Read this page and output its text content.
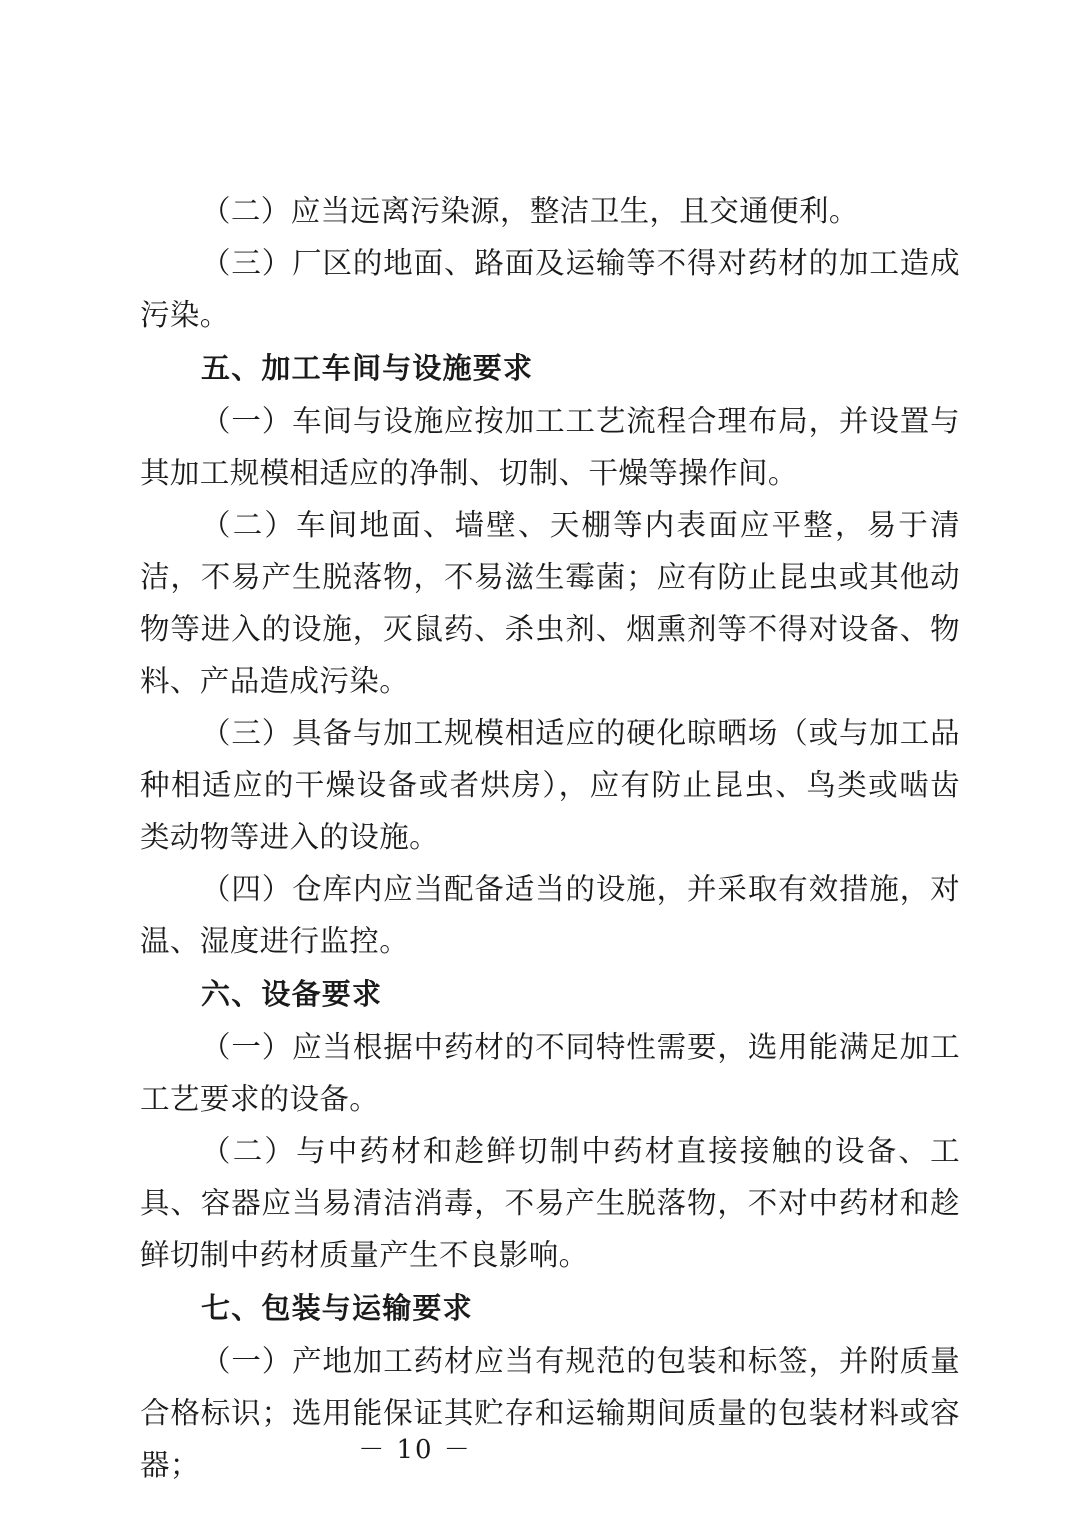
（二）应当远离污染源，整洁卫生，且交通便利。

（三）厂区的地面、路面及运输等不得对药材的加工造成污染。

五、加工车间与设施要求

（一）车间与设施应按加工工艺流程合理布局，并设置与其加工规模相适应的净制、切制、干燥等操作间。

（二）车间地面、墙壁、天棚等内表面应平整，易于清洁，不易产生脱落物，不易滋生霉菌；应有防止昆虫或其他动物等进入的设施，灭鼠药、杀虫剂、烟熏剂等不得对设备、物料、产品造成污染。

（三）具备与加工规模相适应的硬化晾晒场（或与加工品种相适应的干燥设备或者烘房），应有防止昆虫、鸟类或啮齿类动物等进入的设施。

（四）仓库内应当配备适当的设施，并采取有效措施，对温、湿度进行监控。

六、设备要求

（一）应当根据中药材的不同特性需要，选用能满足加工工艺要求的设备。

（二）与中药材和趁鲜切制中药材直接接触的设备、工具、容器应当易清洁消毒，不易产生脱落物，不对中药材和趁鲜切制中药材质量产生不良影响。

七、包装与运输要求

（一）产地加工药材应当有规范的包装和标签，并附质量合格标识；选用能保证其贮存和运输期间质量的包装材料或容器；	－ 10 －
